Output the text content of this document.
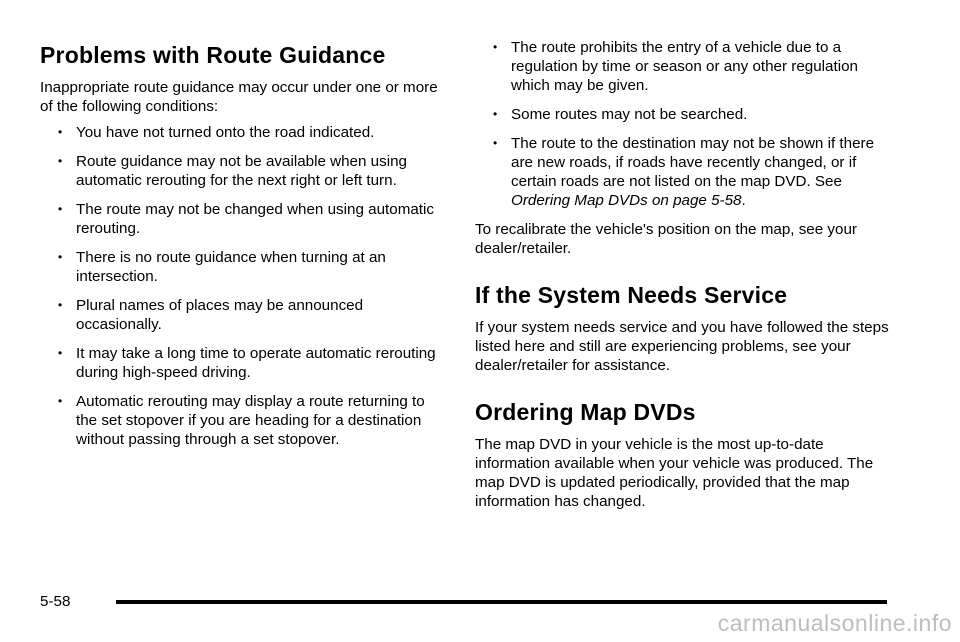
Problems with Route Guidance

Inappropriate route guidance may occur under one or more of the following conditions:

• You have not turned onto the road indicated.
• Route guidance may not be available when using automatic rerouting for the next right or left turn.
• The route may not be changed when using automatic rerouting.
• There is no route guidance when turning at an intersection.
• Plural names of places may be announced occasionally.
• It may take a long time to operate automatic rerouting during high-speed driving.
• Automatic rerouting may display a route returning to the set stopover if you are heading for a destination without passing through a set stopover.
• The route prohibits the entry of a vehicle due to a regulation by time or season or any other regulation which may be given.
• Some routes may not be searched.
• The route to the destination may not be shown if there are new roads, if roads have recently changed, or if certain roads are not listed on the map DVD. See Ordering Map DVDs on page 5‑58.

To recalibrate the vehicle's position on the map, see your dealer/retailer.

If the System Needs Service

If your system needs service and you have followed the steps listed here and still are experiencing problems, see your dealer/retailer for assistance.

Ordering Map DVDs

The map DVD in your vehicle is the most up-to-date information available when your vehicle was produced. The map DVD is updated periodically, provided that the map information has changed.

5-58
carmanualsonline.info
